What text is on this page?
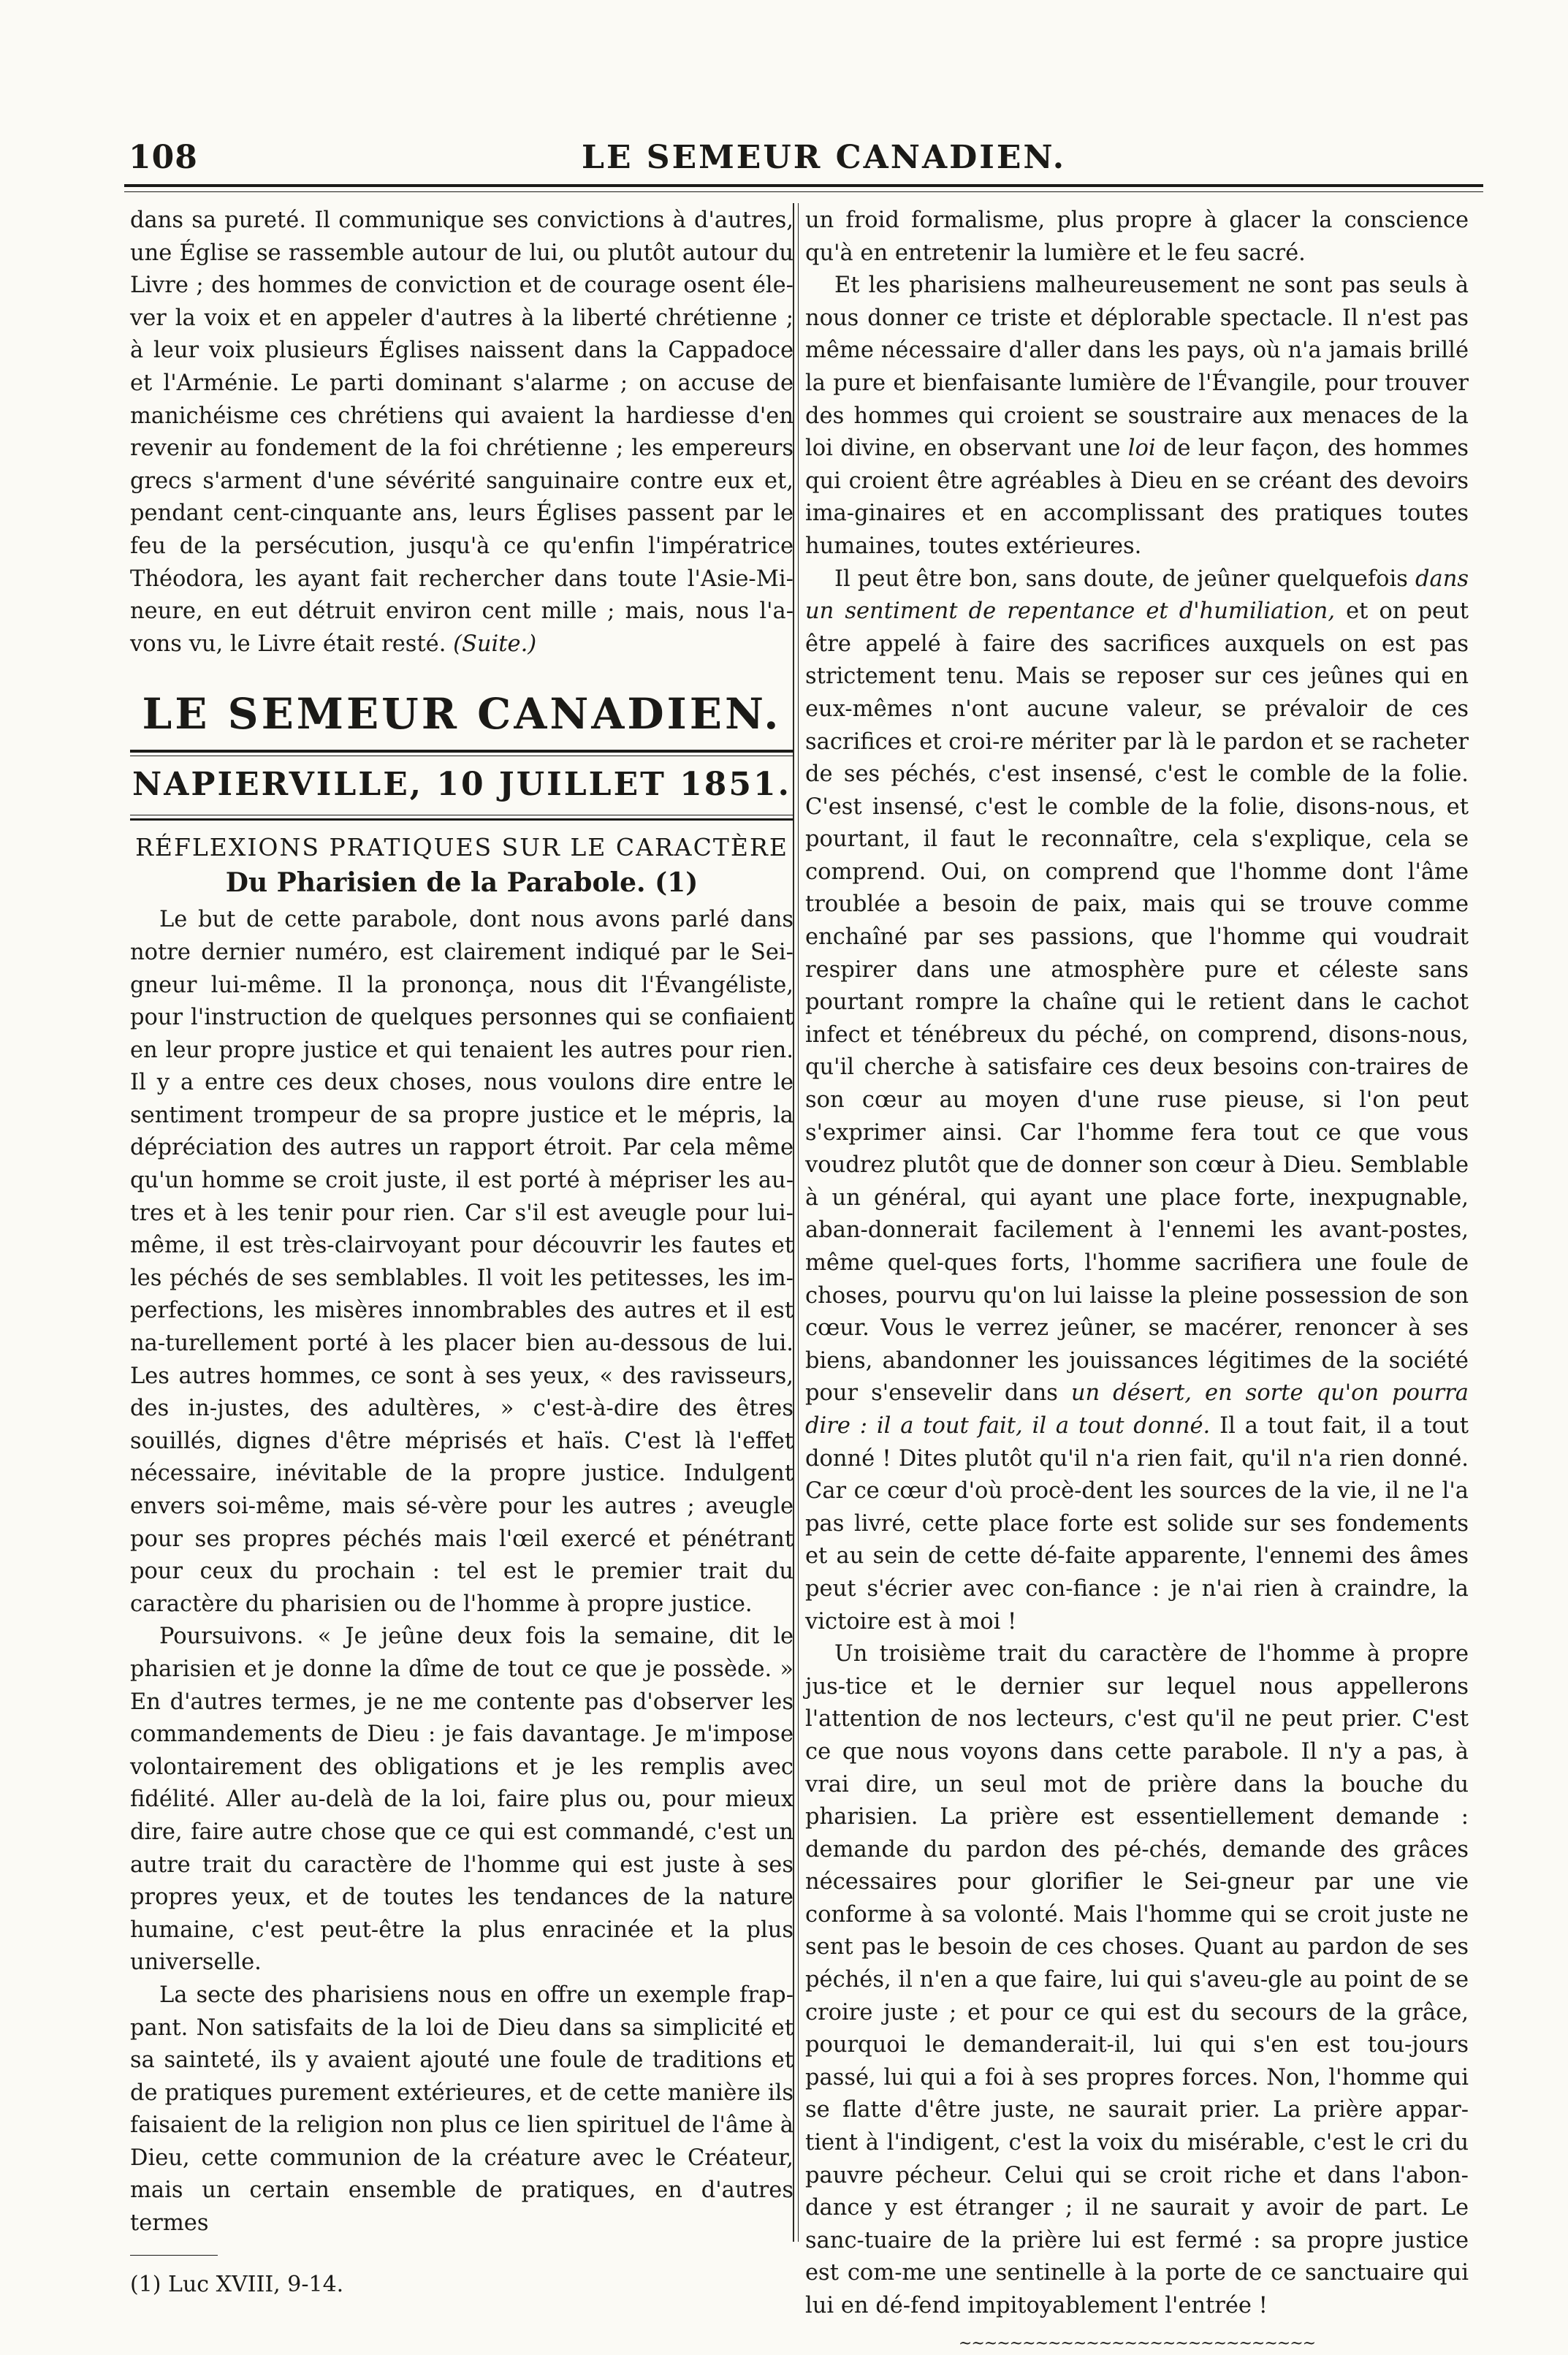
108	LE SEMEUR CANADIEN.

dans sa pureté. Il communique ses convictions à d'autres, une Église se rassemble autour de lui, ou plutôt autour du Livre ; des hommes de conviction et de courage osent éle-ver la voix et en appeler d'autres à la liberté chrétienne ; à leur voix plusieurs Églises naissent dans la Cappadoce et l'Arménie. Le parti dominant s'alarme ; on accuse de manichéisme ces chrétiens qui avaient la hardiesse d'en revenir au fondement de la foi chrétienne ; les empereurs grecs s'arment d'une sévérité sanguinaire contre eux et, pendant cent-cinquante ans, leurs Églises passent par le feu de la persécution, jusqu'à ce qu'enfin l'impératrice Théodora, les ayant fait rechercher dans toute l'Asie-Mi-neure, en eut détruit environ cent mille ; mais, nous l'a-vons vu, le Livre était resté. (Suite.)

LE SEMEUR CANADIEN.
NAPIERVILLE, 10 JUILLET 1851.
RÉFLEXIONS PRATIQUES SUR LE CARACTÈRE
Du Pharisien de la Parabole. (1)

Le but de cette parabole, dont nous avons parlé dans notre dernier numéro, est clairement indiqué par le Sei-gneur lui-même. Il la prononça, nous dit l'Évangéliste, pour l'instruction de quelques personnes qui se confiaient en leur propre justice et qui tenaient les autres pour rien. Il y a entre ces deux choses, nous voulons dire entre le sentiment trompeur de sa propre justice et le mépris, la dépréciation des autres un rapport étroit. Par cela même qu'un homme se croit juste, il est porté à mépriser les au-tres et à les tenir pour rien. Car s'il est aveugle pour lui-même, il est très-clairvoyant pour découvrir les fautes et les péchés de ses semblables. Il voit les petitesses, les im-perfections, les misères innombrables des autres et il est na-turellement porté à les placer bien au-dessous de lui. Les autres hommes, ce sont à ses yeux, « des ravisseurs, des in-justes, des adultères, » c'est-à-dire des êtres souillés, dignes d'être méprisés et haïs. C'est là l'effet nécessaire, inévitable de la propre justice. Indulgent envers soi-même, mais sé-vère pour les autres ; aveugle pour ses propres péchés mais l'œil exercé et pénétrant pour ceux du prochain : tel est le premier trait du caractère du pharisien ou de l'homme à propre justice.

Poursuivons. « Je jeûne deux fois la semaine, dit le pharisien et je donne la dîme de tout ce que je possède. » En d'autres termes, je ne me contente pas d'observer les commandements de Dieu : je fais davantage. Je m'impose volontairement des obligations et je les remplis avec fidélité. Aller au-delà de la loi, faire plus ou, pour mieux dire, faire autre chose que ce qui est commandé, c'est un autre trait du caractère de l'homme qui est juste à ses propres yeux, et de toutes les tendances de la nature humaine, c'est peut-être la plus enracinée et la plus universelle.

La secte des pharisiens nous en offre un exemple frap-pant. Non satisfaits de la loi de Dieu dans sa simplicité et sa sainteté, ils y avaient ajouté une foule de traditions et de pratiques purement extérieures, et de cette manière ils faisaient de la religion non plus ce lien spirituel de l'âme à Dieu, cette communion de la créature avec le Créateur, mais un certain ensemble de pratiques, en d'autres termes

(1) Luc XVIII, 9-14.

un froid formalisme, plus propre à glacer la conscience qu'à en entretenir la lumière et le feu sacré.

Et les pharisiens malheureusement ne sont pas seuls à nous donner ce triste et déplorable spectacle. Il n'est pas même nécessaire d'aller dans les pays, où n'a jamais brillé la pure et bienfaisante lumière de l'Évangile, pour trouver des hommes qui croient se soustraire aux menaces de la loi divine, en observant une loi de leur façon, des hommes qui croient être agréables à Dieu en se créant des devoirs ima-ginaires et en accomplissant des pratiques toutes humaines, toutes extérieures.

Il peut être bon, sans doute, de jeûner quelquefois dans un sentiment de repentance et d'humiliation, et on peut être appelé à faire des sacrifices auxquels on est pas strictement tenu. Mais se reposer sur ces jeûnes qui en eux-mêmes n'ont aucune valeur, se prévaloir de ces sacrifices et croi-re mériter par là le pardon et se racheter de ses péchés, c'est insensé, c'est le comble de la folie. C'est insensé, c'est le comble de la folie, disons-nous, et pourtant, il faut le reconnaître, cela s'explique, cela se comprend. Oui, on comprend que l'homme dont l'âme troublée a besoin de paix, mais qui se trouve comme enchaîné par ses passions, que l'homme qui voudrait respirer dans une atmosphère pure et céleste sans pourtant rompre la chaîne qui le retient dans le cachot infect et ténébreux du péché, on comprend, disons-nous, qu'il cherche à satisfaire ces deux besoins con-traires de son cœur au moyen d'une ruse pieuse, si l'on peut s'exprimer ainsi. Car l'homme fera tout ce que vous voudrez plutôt que de donner son cœur à Dieu. Semblable à un général, qui ayant une place forte, inexpugnable, aban-donnerait facilement à l'ennemi les avant-postes, même quel-ques forts, l'homme sacrifiera une foule de choses, pourvu qu'on lui laisse la pleine possession de son cœur. Vous le verrez jeûner, se macérer, renoncer à ses biens, abandonner les jouissances légitimes de la société pour s'ensevelir dans un désert, en sorte qu'on pourra dire : il a tout fait, il a tout donné. Il a tout fait, il a tout donné ! Dites plutôt qu'il n'a rien fait, qu'il n'a rien donné. Car ce cœur d'où procè-dent les sources de la vie, il ne l'a pas livré, cette place forte est solide sur ses fondements et au sein de cette dé-faite apparente, l'ennemi des âmes peut s'écrier avec con-fiance : je n'ai rien à craindre, la victoire est à moi !

Un troisième trait du caractère de l'homme à propre jus-tice et le dernier sur lequel nous appellerons l'attention de nos lecteurs, c'est qu'il ne peut prier. C'est ce que nous voyons dans cette parabole. Il n'y a pas, à vrai dire, un seul mot de prière dans la bouche du pharisien. La prière est essentiellement demande : demande du pardon des pé-chés, demande des grâces nécessaires pour glorifier le Sei-gneur par une vie conforme à sa volonté. Mais l'homme qui se croit juste ne sent pas le besoin de ces choses. Quant au pardon de ses péchés, il n'en a que faire, lui qui s'aveu-gle au point de se croire juste ; et pour ce qui est du secours de la grâce, pourquoi le demanderait-il, lui qui s'en est tou-jours passé, lui qui a foi à ses propres forces. Non, l'homme qui se flatte d'être juste, ne saurait prier. La prière appar-tient à l'indigent, c'est la voix du misérable, c'est le cri du pauvre pécheur. Celui qui se croit riche et dans l'abon-dance y est étranger ; il ne saurait y avoir de part. Le sanc-tuaire de la prière lui est fermé : sa propre justice est com-me une sentinelle à la porte de ce sanctuaire qui lui en dé-fend impitoyablement l'entrée !

~~~~~~~~~~~~~~~~~~~~~~~~~~~~
